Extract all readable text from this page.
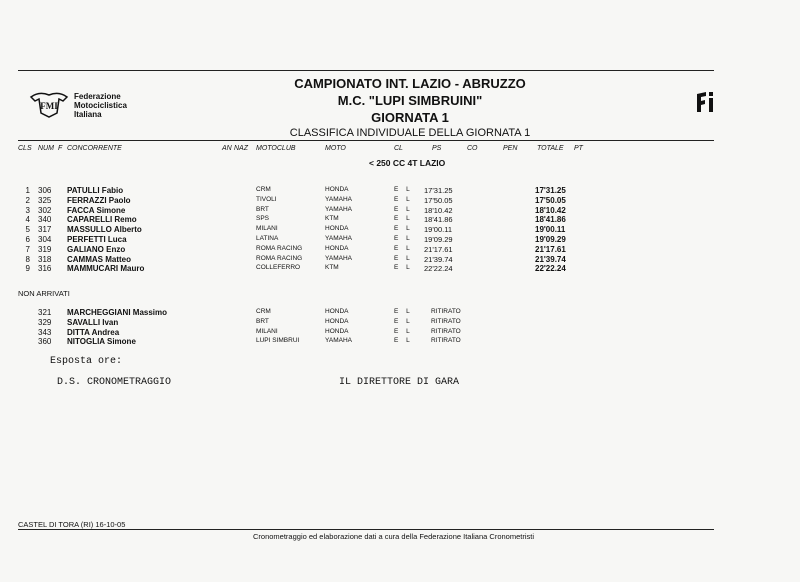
FMI
Federazione
Motociclistica
Italiana
CAMPIONATO INT. LAZIO - ABRUZZO
M.C. "LUPI SIMBRUINI"
GIORNATA 1
CLASSIFICA INDIVIDUALE DELLA GIORNATA 1
CLS NUM F CONCORRENTE	AN NAZ MOTOCLUB	MOTO	CL	PS	CO	PEN	TOTALE PT
< 250 CC 4T LAZIO
1 306 PATULLI Fabio	CRM	HONDA	E L 17'31.25	17'31.25
2 325 FERRAZZI Paolo	TIVOLI	YAMAHA	E L 17'50.05	17'50.05
3 302 FACCA Simone	BRT	YAMAHA	E L 18'10.42	18'10.42
4 340 CAPARELLI Remo	SPS	KTM	E L 18'41.86	18'41.86
5 317 MASSULLO Alberto	MILANI	HONDA	E L 19'00.11	19'00.11
6 304 PERFETTI Luca	LATINA	YAMAHA	E L 19'09.29	19'09.29
7 319 GALIANO Enzo	ROMA RACING	HONDA	E L 21'17.61	21'17.61
8 318 CAMMAS Matteo	ROMA RACING	YAMAHA	E L 21'39.74	21'39.74
9 316 MAMMUCARI Mauro	COLLEFERRO	KTM	E L 22'22.24	22'22.24
NON ARRIVATI
321 MARCHEGGIANI Massimo	CRM	HONDA	E L	RITIRATO
329 SAVALLI Ivan	BRT	HONDA	E L	RITIRATO
343 DITTA Andrea	MILANI	HONDA	E L	RITIRATO
360 NITOGLIA Simone	LUPI SIMBRUI	YAMAHA	E L	RITIRATO
Esposta ore:
D.S. CRONOMETRAGGIO	IL DIRETTORE DI GARA
CASTEL DI TORA (RI) 16-10-05
Cronometraggio ed elaborazione dati a cura della Federazione Italiana Cronometristi
